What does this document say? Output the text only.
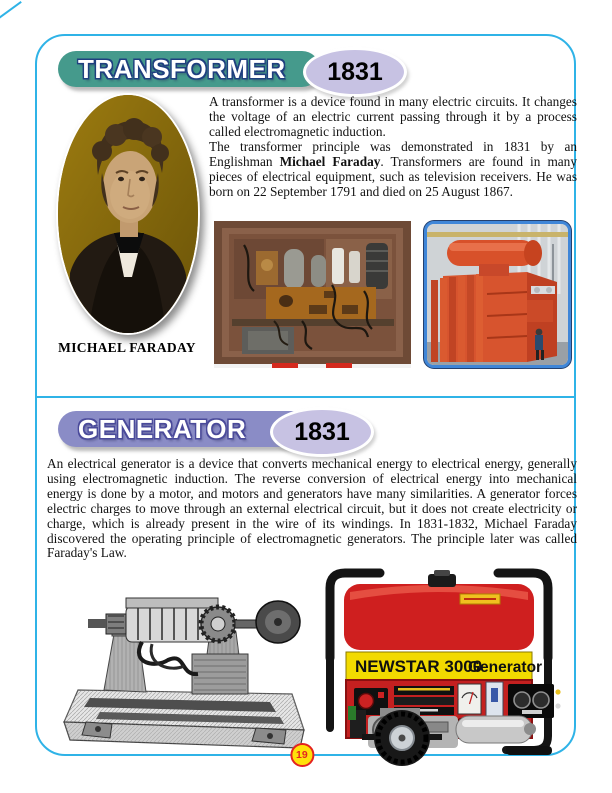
TRANSFORMER 1831
MICHAEL FARADAY

A transformer is a device found in many electric circuits. It changes the voltage of an electric current passing through it by a process called electromagnetic induction.

The transformer principle was demonstrated in 1831 by an Englishman Michael Faraday. Transformers are found in many pieces of electrical equipment, such as television receivers. He was born on 22 September 1791 and died on 25 August 1867.

GENERATOR 1831
An electrical generator is a device that converts mechanical energy to electrical energy, generally using electromagnetic induction. The reverse conversion of electrical energy into mechanical energy is done by a motor, and motors and generators have many similarities. A generator forces electric charges to move through an external electrical circuit, but it does not create electricity or charge, which is already present in the wire of its windings. In 1831-1832, Michael Faraday discovered the operating principle of electromagnetic generators. The principle later was called Faraday's Law.
NEWSTAR 3000
Generator
19
